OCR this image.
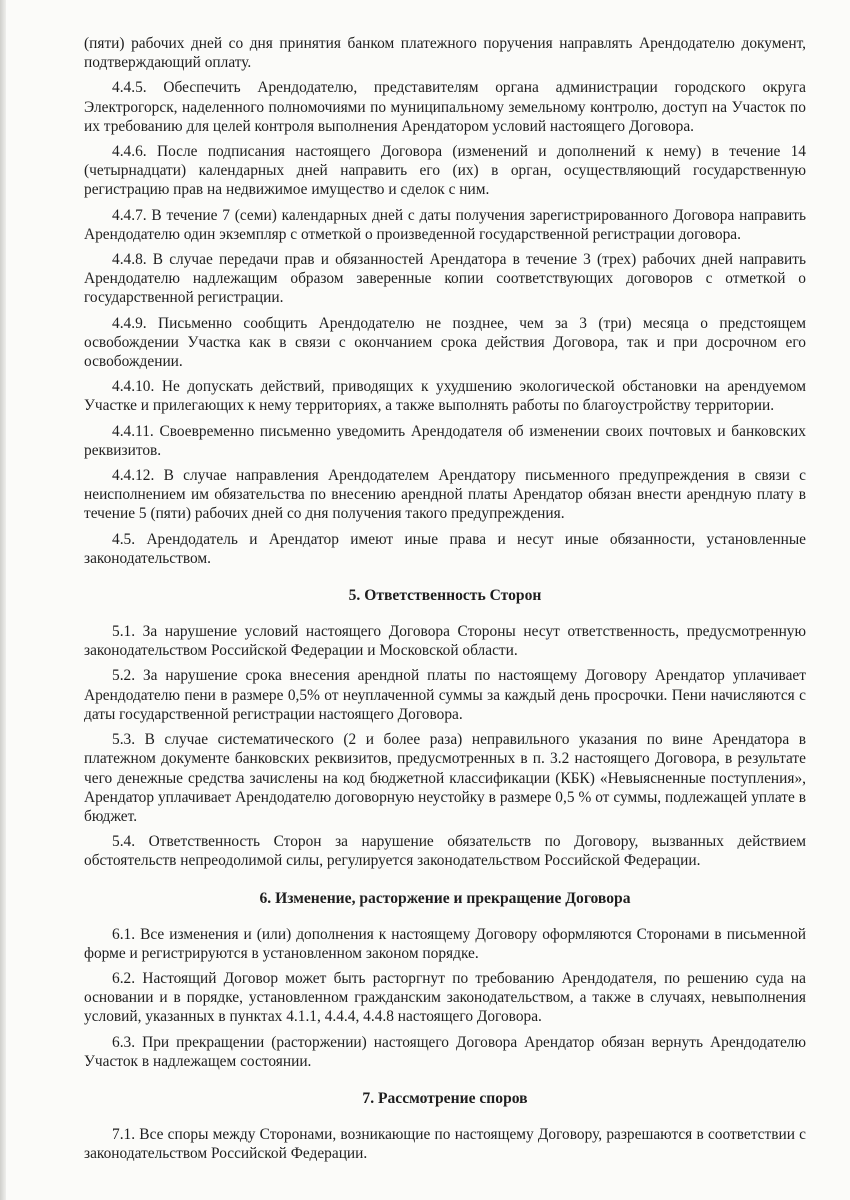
(пяти) рабочих дней со дня принятия банком платежного поручения направлять Арендодателю документ, подтверждающий оплату.

4.4.5. Обеспечить Арендодателю, представителям органа администрации городского округа Электрогорск, наделенного полномочиями по муниципальному земельному контролю, доступ на Участок по их требованию для целей контроля выполнения Арендатором условий настоящего Договора.

4.4.6. После подписания настоящего Договора (изменений и дополнений к нему) в течение 14 (четырнадцати) календарных дней направить его (их) в орган, осуществляющий государственную регистрацию прав на недвижимое имущество и сделок с ним.

4.4.7. В течение 7 (семи) календарных дней с даты получения зарегистрированного Договора направить Арендодателю один экземпляр с отметкой о произведенной государственной регистрации договора.

4.4.8. В случае передачи прав и обязанностей Арендатора в течение 3 (трех) рабочих дней направить Арендодателю надлежащим образом заверенные копии соответствующих договоров с отметкой о государственной регистрации.

4.4.9. Письменно сообщить Арендодателю не позднее, чем за 3 (три) месяца о предстоящем освобождении Участка как в связи с окончанием срока действия Договора, так и при досрочном его освобождении.

4.4.10. Не допускать действий, приводящих к ухудшению экологической обстановки на арендуемом Участке и прилегающих к нему территориях, а также выполнять работы по благоустройству территории.

4.4.11. Своевременно письменно уведомить Арендодателя об изменении своих почтовых и банковских реквизитов.

4.4.12. В случае направления Арендодателем Арендатору письменного предупреждения в связи с неисполнением им обязательства по внесению арендной платы Арендатор обязан внести арендную плату в течение 5 (пяти) рабочих дней со дня получения такого предупреждения.

4.5. Арендодатель и Арендатор имеют иные права и несут иные обязанности, установленные законодательством.

5. Ответственность Сторон

5.1. За нарушение условий настоящего Договора Стороны несут ответственность, предусмотренную законодательством Российской Федерации и Московской области.

5.2. За нарушение срока внесения арендной платы по настоящему Договору Арендатор уплачивает Арендодателю пени в размере 0,5% от неуплаченной суммы за каждый день просрочки. Пени начисляются с даты государственной регистрации настоящего Договора.

5.3. В случае систематического (2 и более раза) неправильного указания по вине Арендатора в платежном документе банковских реквизитов, предусмотренных в п. 3.2 настоящего Договора, в результате чего денежные средства зачислены на код бюджетной классификации (КБК) «Невыясненные поступления», Арендатор уплачивает Арендодателю договорную неустойку в размере 0,5 % от суммы, подлежащей уплате в бюджет.

5.4. Ответственность Сторон за нарушение обязательств по Договору, вызванных действием обстоятельств непреодолимой силы, регулируется законодательством Российской Федерации.

6. Изменение, расторжение и прекращение Договора

6.1. Все изменения и (или) дополнения к настоящему Договору оформляются Сторонами в письменной форме и регистрируются в установленном законом порядке.

6.2. Настоящий Договор может быть расторгнут по требованию Арендодателя, по решению суда на основании и в порядке, установленном гражданским законодательством, а также в случаях, невыполнения условий, указанных в пунктах 4.1.1, 4.4.4, 4.4.8 настоящего Договора.

6.3. При прекращении (расторжении) настоящего Договора Арендатор обязан вернуть Арендодателю Участок в надлежащем состоянии.

7. Рассмотрение споров

7.1. Все споры между Сторонами, возникающие по настоящему Договору, разрешаются в соответствии с законодательством Российской Федерации.
